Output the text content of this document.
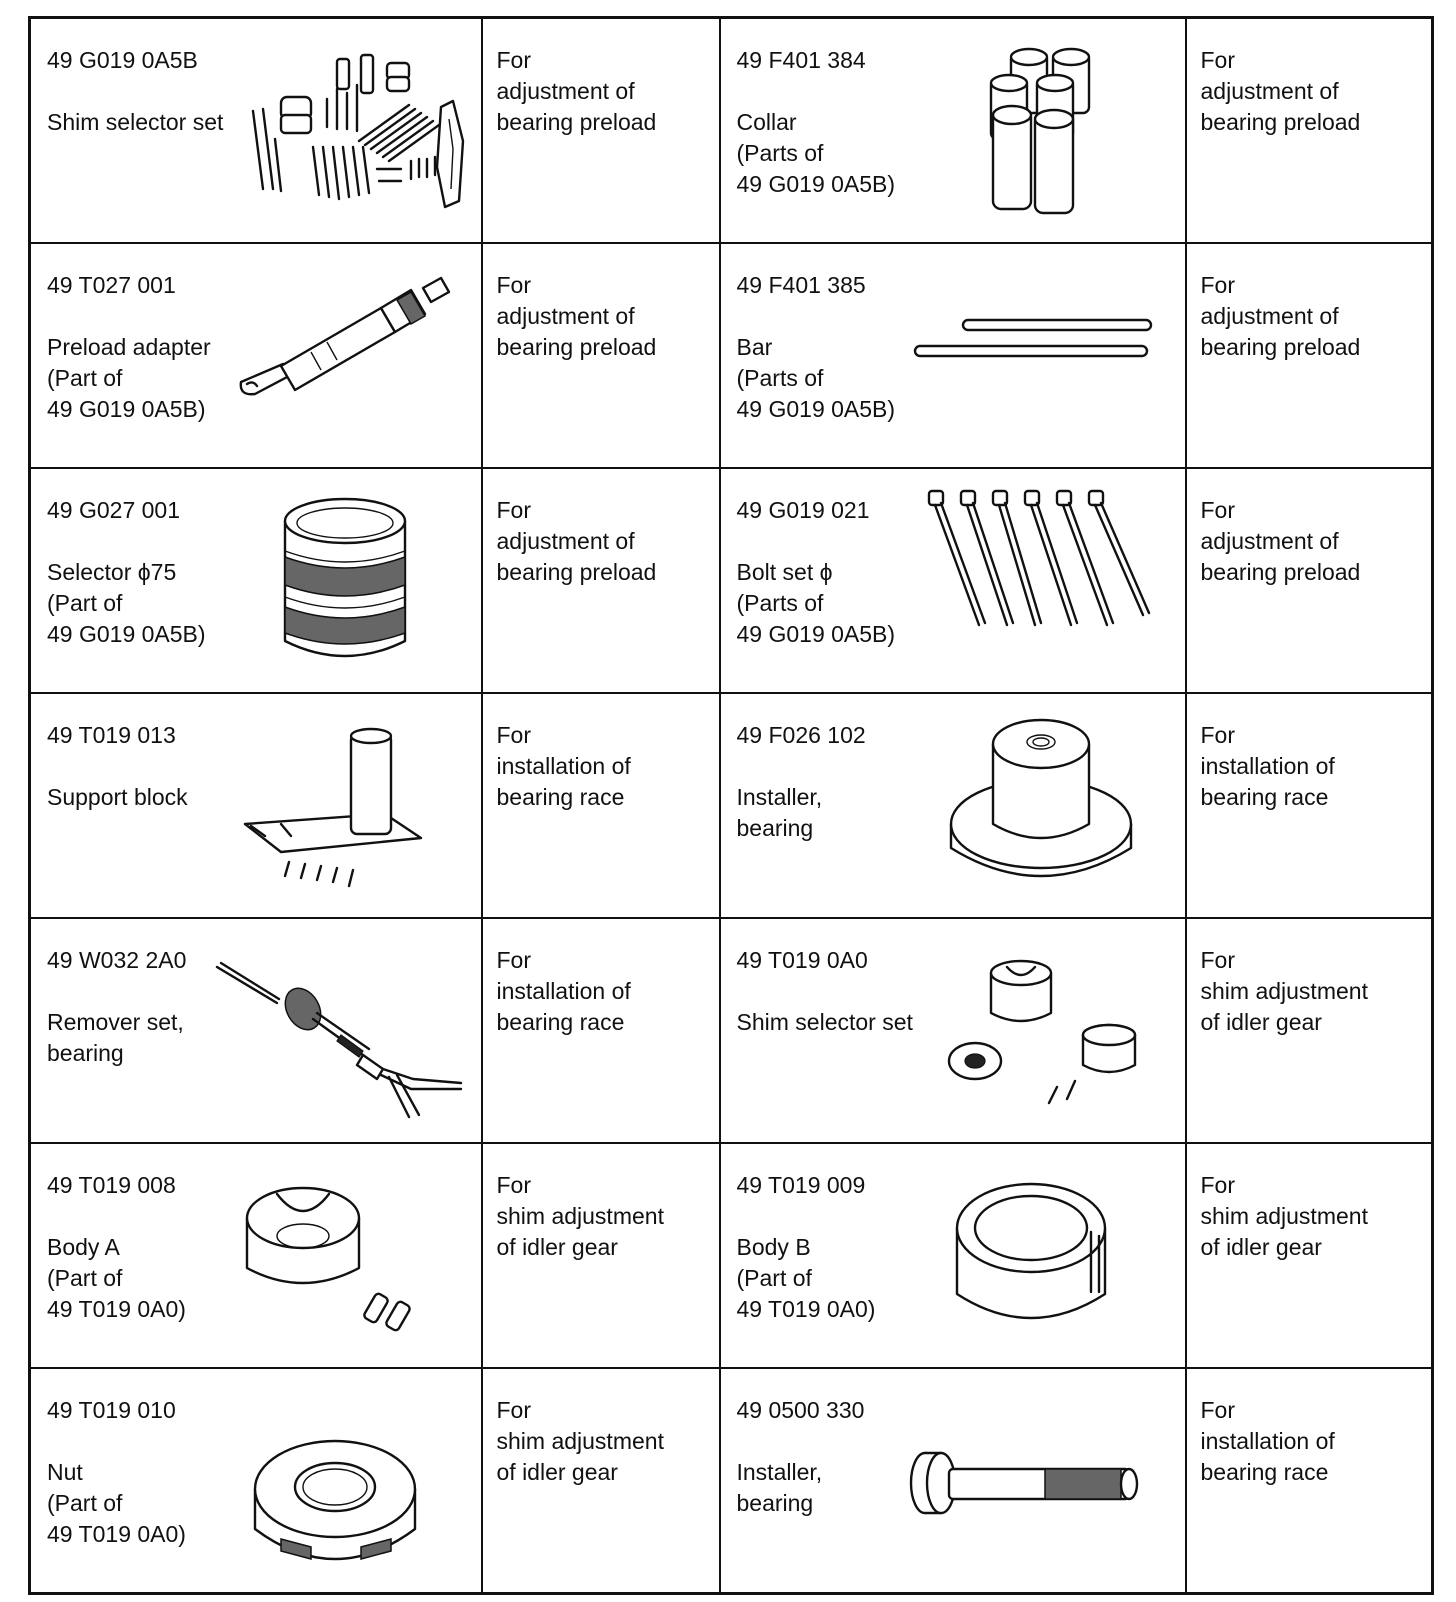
49 G019 0A5B
Shim selector set	For
adjustment of
bearing preload	49 F401 384
Collar
(Parts of
49 G019 0A5B)	For
adjustment of
bearing preload

49 T027 001
Preload adapter
(Part of
49 G019 0A5B)	For
adjustment of
bearing preload	49 F401 385
Bar
(Parts of
49 G019 0A5B)	For
adjustment of
bearing preload

49 G027 001
Selector ϕ75
(Part of
49 G019 0A5B)	For
adjustment of
bearing preload	49 G019 021
Bolt set ϕ
(Parts of
49 G019 0A5B)	For
adjustment of
bearing preload

49 T019 013
Support block	For
installation of
bearing race	49 F026 102
Installer,
bearing	For
installation of
bearing race

49 W032 2A0
Remover set,
bearing	For
installation of
bearing race	49 T019 0A0
Shim selector set	For
shim adjustment
of idler gear

49 T019 008
Body A
(Part of
49 T019 0A0)	For
shim adjustment
of idler gear	49 T019 009
Body B
(Part of
49 T019 0A0)	For
shim adjustment
of idler gear

49 T019 010
Nut
(Part of
49 T019 0A0)	For
shim adjustment
of idler gear	49 0500 330
Installer,
bearing	For
installation of
bearing race
